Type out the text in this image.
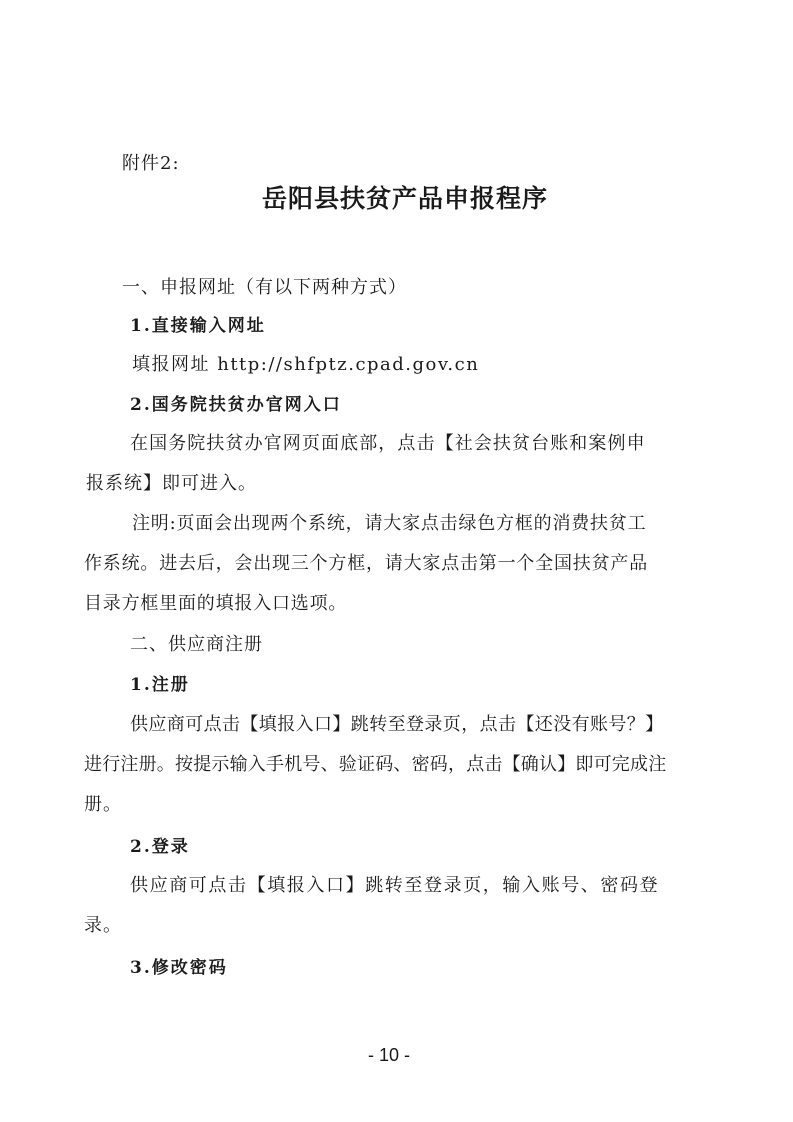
附件2:
岳阳县扶贫产品申报程序
一、申报网址（有以下两种方式）
1.直接输入网址
填报网址 http://shfptz.cpad.gov.cn
2.国务院扶贫办官网入口
在国务院扶贫办官网页面底部，点击【社会扶贫台账和案例申
报系统】即可进入。
注明:页面会出现两个系统，请大家点击绿色方框的消费扶贫工
作系统。进去后，会出现三个方框，请大家点击第一个全国扶贫产品
目录方框里面的填报入口选项。
二、供应商注册
1.注册
供应商可点击【填报入口】跳转至登录页，点击【还没有账号？】
进行注册。按提示输入手机号、验证码、密码，点击【确认】即可完成注
册。
2.登录
供应商可点击【填报入口】跳转至登录页，输入账号、密码登
录。
3.修改密码
- 10 -
